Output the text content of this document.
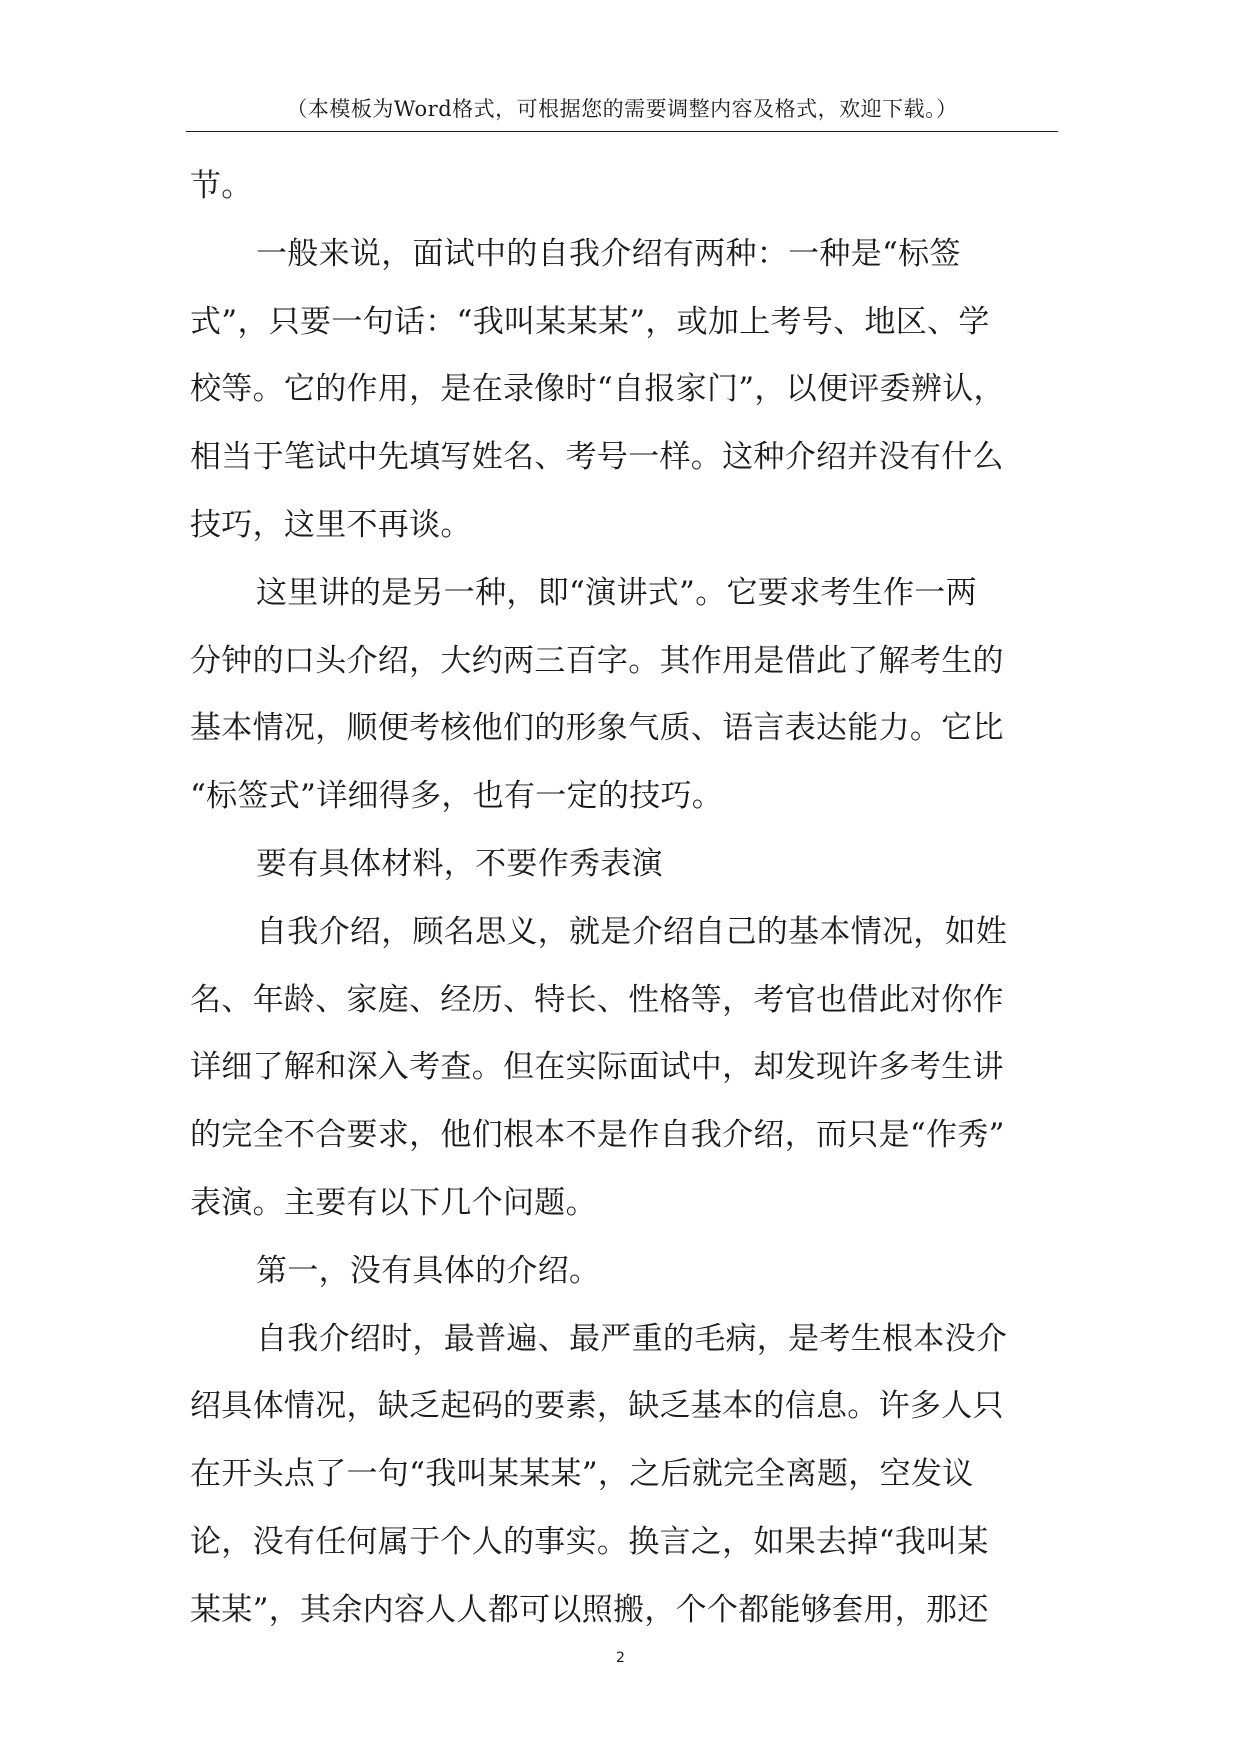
（本模板为Word格式，可根据您的需要调整内容及格式，欢迎下载。）
节。
一般来说，面试中的自我介绍有两种：一种是“标签
式”，只要一句话：“我叫某某某”，或加上考号、地区、学
校等。它的作用，是在录像时“自报家门”，以便评委辨认，
相当于笔试中先填写姓名、考号一样。这种介绍并没有什么
技巧，这里不再谈。
这里讲的是另一种，即“演讲式”。它要求考生作一两
分钟的口头介绍，大约两三百字。其作用是借此了解考生的
基本情况，顺便考核他们的形象气质、语言表达能力。它比
“标签式”详细得多，也有一定的技巧。
要有具体材料，不要作秀表演
自我介绍，顾名思义，就是介绍自己的基本情况，如姓
名、年龄、家庭、经历、特长、性格等，考官也借此对你作
详细了解和深入考查。但在实际面试中，却发现许多考生讲
的完全不合要求，他们根本不是作自我介绍，而只是“作秀”
表演。主要有以下几个问题。
第一，没有具体的介绍。
自我介绍时，最普遍、最严重的毛病，是考生根本没介
绍具体情况，缺乏起码的要素，缺乏基本的信息。许多人只
在开头点了一句“我叫某某某”，之后就完全离题，空发议
论，没有任何属于个人的事实。换言之，如果去掉“我叫某
某某”，其余内容人人都可以照搬，个个都能够套用，那还
2
